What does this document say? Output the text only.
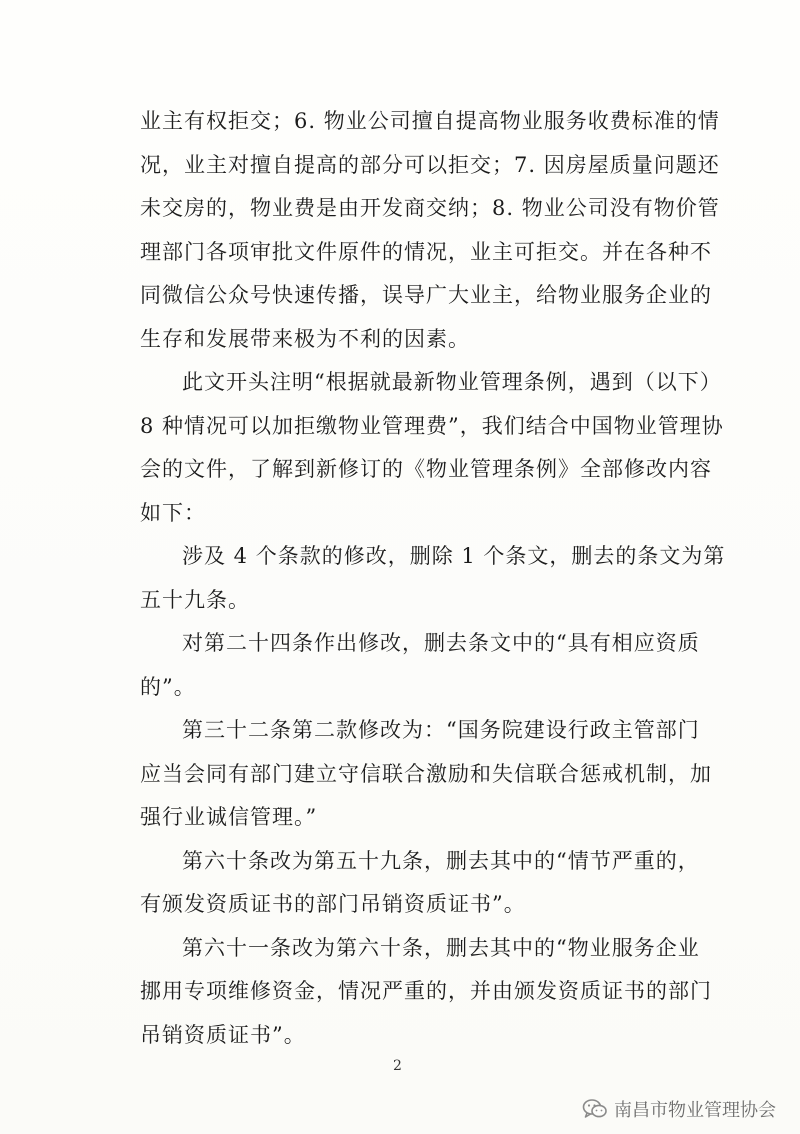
业主有权拒交；6. 物业公司擅自提高物业服务收费标准的情
况，业主对擅自提高的部分可以拒交；7. 因房屋质量问题还
未交房的，物业费是由开发商交纳；8. 物业公司没有物价管
理部门各项审批文件原件的情况，业主可拒交。并在各种不
同微信公众号快速传播，误导广大业主，给物业服务企业的
生存和发展带来极为不利的因素。
此文开头注明“根据就最新物业管理条例，遇到（以下）
8 种情况可以加拒缴物业管理费”，我们结合中国物业管理协
会的文件，了解到新修订的《物业管理条例》全部修改内容
如下：
涉及 4 个条款的修改，删除 1 个条文，删去的条文为第
五十九条。
对第二十四条作出修改，删去条文中的“具有相应资质
的”。
第三十二条第二款修改为：“国务院建设行政主管部门
应当会同有部门建立守信联合激励和失信联合惩戒机制，加
强行业诚信管理。”
第六十条改为第五十九条，删去其中的“情节严重的，
有颁发资质证书的部门吊销资质证书”。
第六十一条改为第六十条，删去其中的“物业服务企业
挪用专项维修资金，情况严重的，并由颁发资质证书的部门
吊销资质证书”。
2
南昌市物业管理协会
